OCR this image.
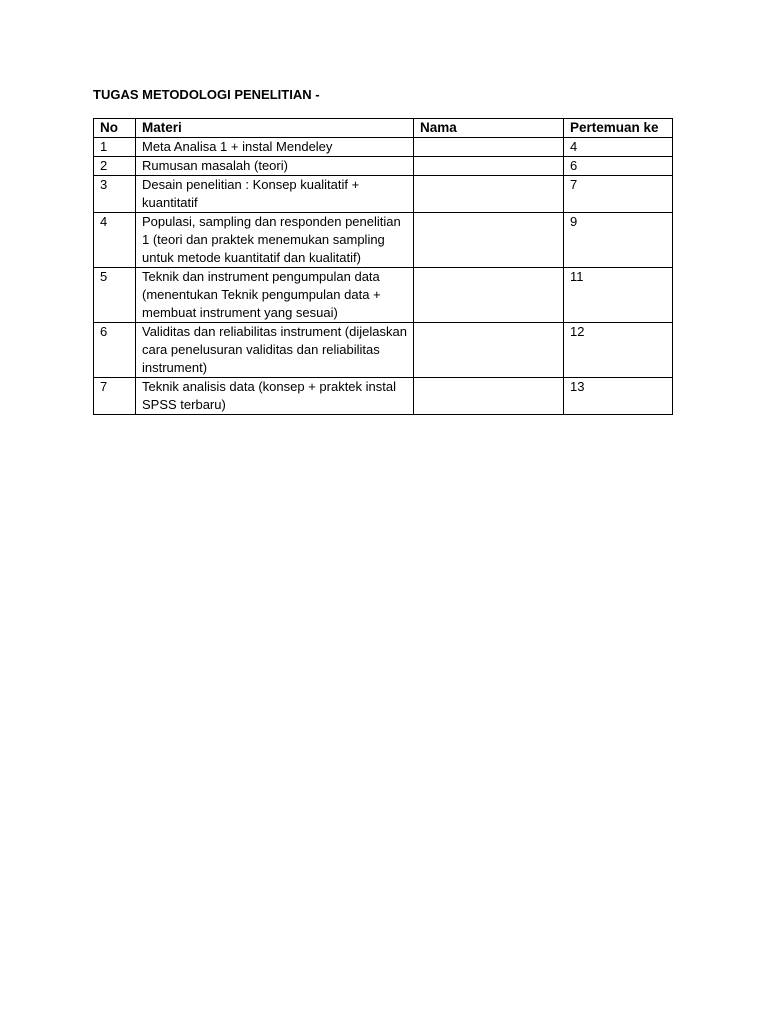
TUGAS METODOLOGI PENELITIAN -
No	Materi	Nama	Pertemuan ke
1	Meta Analisa 1 + instal Mendeley		4
2	Rumusan masalah (teori)		6
3	Desain penelitian : Konsep kualitatif + kuantitatif		7
4	Populasi, sampling dan responden penelitian 1 (teori dan praktek menemukan sampling untuk metode kuantitatif dan kualitatif)		9
5	Teknik dan instrument pengumpulan data (menentukan Teknik pengumpulan data + membuat instrument yang sesuai)		11
6	Validitas dan reliabilitas instrument (dijelaskan cara penelusuran validitas dan reliabilitas instrument)		12
7	Teknik analisis data (konsep + praktek instal SPSS terbaru)		13
